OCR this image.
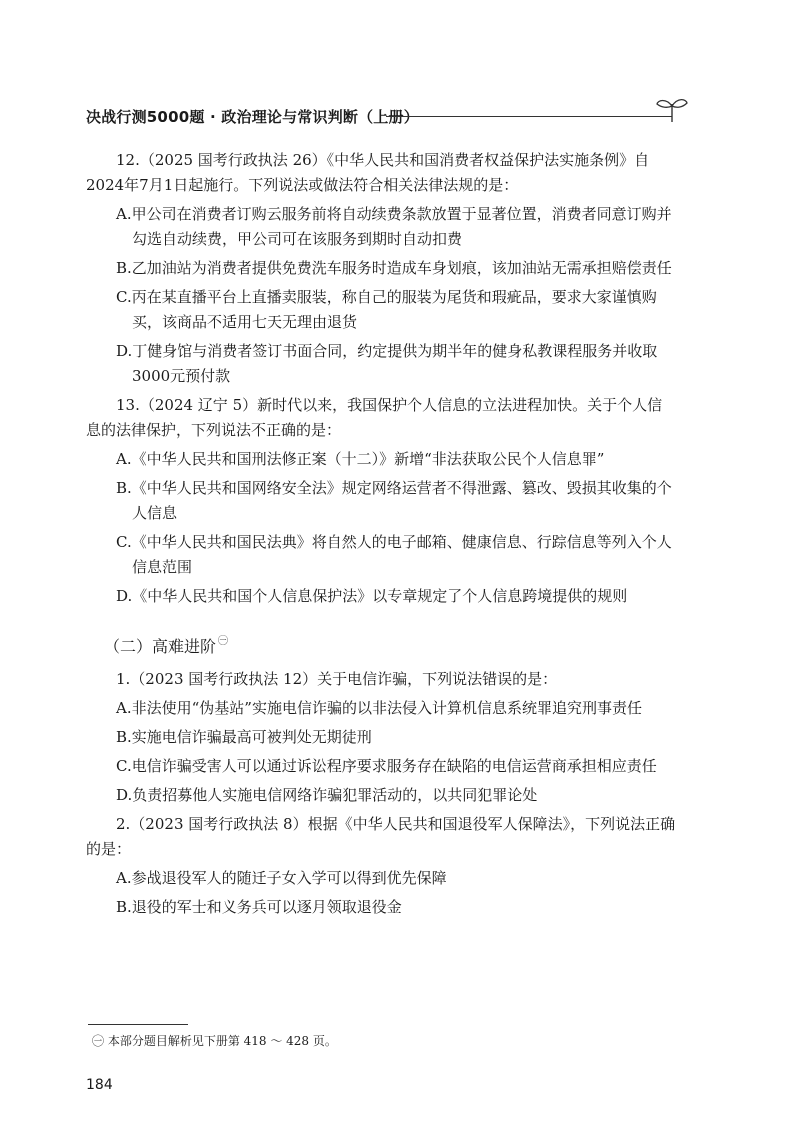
决战行测5000题 · 政治理论与常识判断（上册）

12.（2025 国考行政执法 26）《中华人民共和国消费者权益保护法实施条例》自2024年7月1日起施行。下列说法或做法符合相关法律法规的是：

A.甲公司在消费者订购云服务前将自动续费条款放置于显著位置，消费者同意订购并勾选自动续费，甲公司可在该服务到期时自动扣费

B.乙加油站为消费者提供免费洗车服务时造成车身划痕，该加油站无需承担赔偿责任

C.丙在某直播平台上直播卖服装，称自己的服装为尾货和瑕疵品，要求大家谨慎购买，该商品不适用七天无理由退货

D.丁健身馆与消费者签订书面合同，约定提供为期半年的健身私教课程服务并收取3000元预付款

13.（2024 辽宁 5）新时代以来，我国保护个人信息的立法进程加快。关于个人信息的法律保护，下列说法不正确的是：

A.《中华人民共和国刑法修正案（十二）》新增“非法获取公民个人信息罪”

B.《中华人民共和国网络安全法》规定网络运营者不得泄露、篡改、毁损其收集的个人信息

C.《中华人民共和国民法典》将自然人的电子邮箱、健康信息、行踪信息等列入个人信息范围

D.《中华人民共和国个人信息保护法》以专章规定了个人信息跨境提供的规则

（二）高难进阶 $^㊀$

1.（2023 国考行政执法 12）关于电信诈骗，下列说法错误的是：

A.非法使用“伪基站”实施电信诈骗的以非法侵入计算机信息系统罪追究刑事责任

B.实施电信诈骗最高可被判处无期徒刑

C.电信诈骗受害人可以通过诉讼程序要求服务存在缺陷的电信运营商承担相应责任

D.负责招募他人实施电信网络诈骗犯罪活动的，以共同犯罪论处

2.（2023 国考行政执法 8）根据《中华人民共和国退役军人保障法》，下列说法正确的是：

A.参战退役军人的随迁子女入学可以得到优先保障

B.退役的军士和义务兵可以逐月领取退役金

㊀ 本部分题目解析见下册第 418 ～ 428 页。
184
